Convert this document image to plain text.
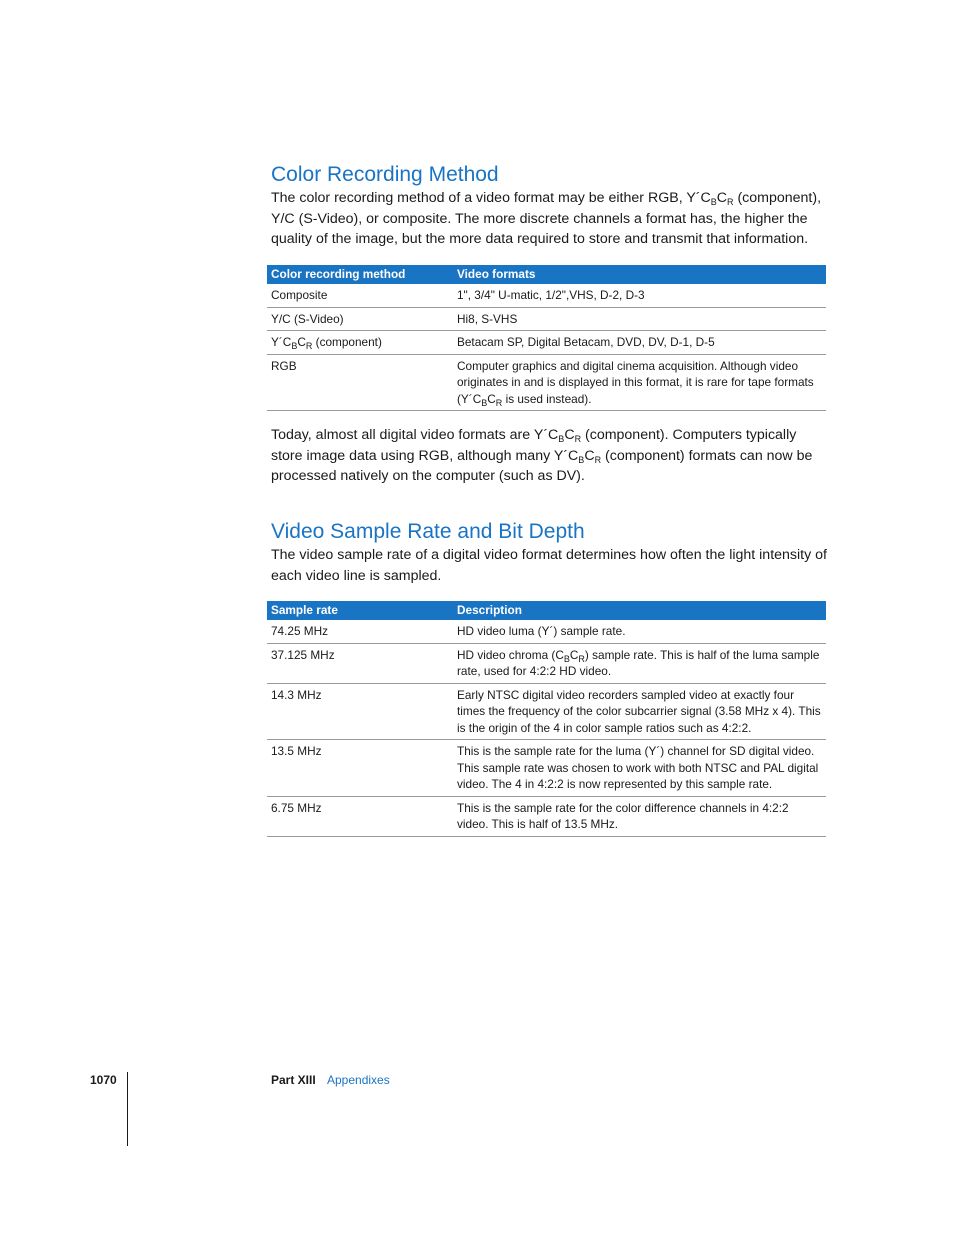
Color Recording Method

The color recording method of a video format may be either RGB, $Y´C_BC_R$ (component), Y/C (S-Video), or composite. The more discrete channels a format has, the higher the quality of the image, but the more data required to store and transmit that information.

Color recording method	Video formats
Composite	1", 3/4" U-matic, 1/2",VHS, D-2, D-3
Y/C (S-Video)	Hi8, S-VHS
$Y´C_BC_R$ (component)	Betacam SP, Digital Betacam, DVD, DV, D-1, D-5
RGB	Computer graphics and digital cinema acquisition. Although video originates in and is displayed in this format, it is rare for tape formats ($Y´C_BC_R$ is used instead).

Today, almost all digital video formats are $Y´C_BC_R$ (component). Computers typically store image data using RGB, although many $Y´C_BC_R$ (component) formats can now be processed natively on the computer (such as DV).

Video Sample Rate and Bit Depth

The video sample rate of a digital video format determines how often the light intensity of each video line is sampled.

Sample rate	Description
74.25 MHz	HD video luma (Y´) sample rate.
37.125 MHz	HD video chroma $(C_BC_R)$ sample rate. This is half of the luma sample rate, used for 4:2:2 HD video.
14.3 MHz	Early NTSC digital video recorders sampled video at exactly four times the frequency of the color subcarrier signal (3.58 MHz x 4). This is the origin of the 4 in color sample ratios such as 4:2:2.
13.5 MHz	This is the sample rate for the luma (Y´) channel for SD digital video. This sample rate was chosen to work with both NTSC and PAL digital video. The 4 in 4:2:2 is now represented by this sample rate.
6.75 MHz	This is the sample rate for the color difference channels in 4:2:2 video. This is half of 13.5 MHz.
1070	Part XIII Appendixes
